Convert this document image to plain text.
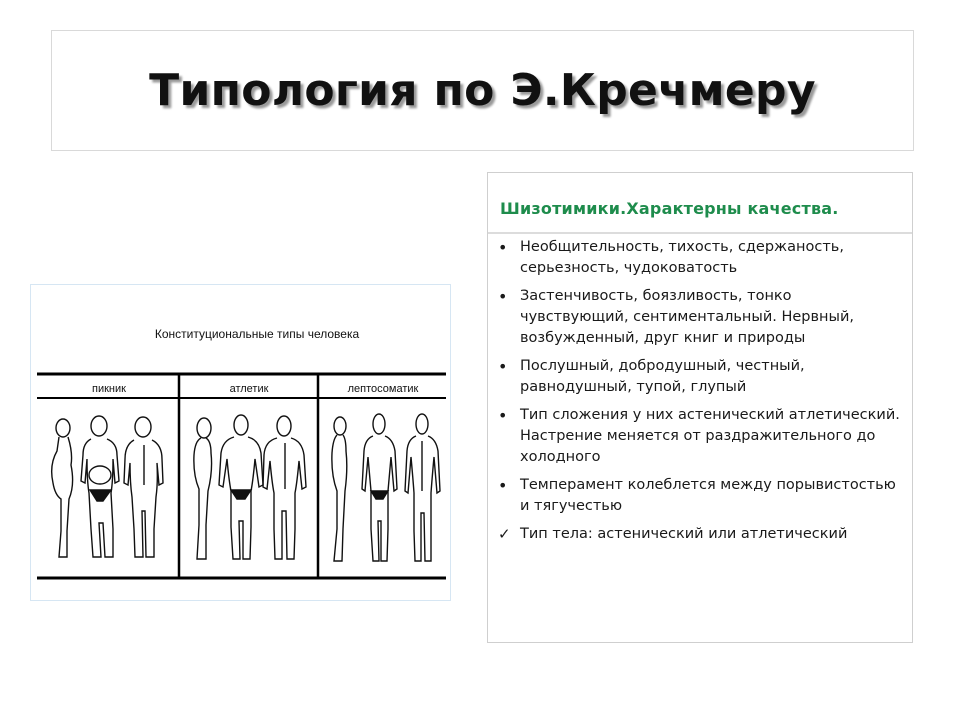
Типология по Э.Кречмеру
Конституциональные типы человека
пикник	атлетик	лептосоматик

Шизотимики.Характерны качества.

•
Необщительность, тихость, сдержаность, серьезность, чудоковатость
•
Застенчивость, боязливость, тонко чувствующий, сентиментальный. Нервный, возбужденный, друг книг и природы
•
Послушный, добродушный, честный, равнодушный, тупой, глупый
•
Тип сложения у них астенический атлетический. Настрение меняется от раздражительного до холодного
•
Темперамент колеблется между порывистостью и тягучестью
✓
Тип тела: астенический или атлетический
